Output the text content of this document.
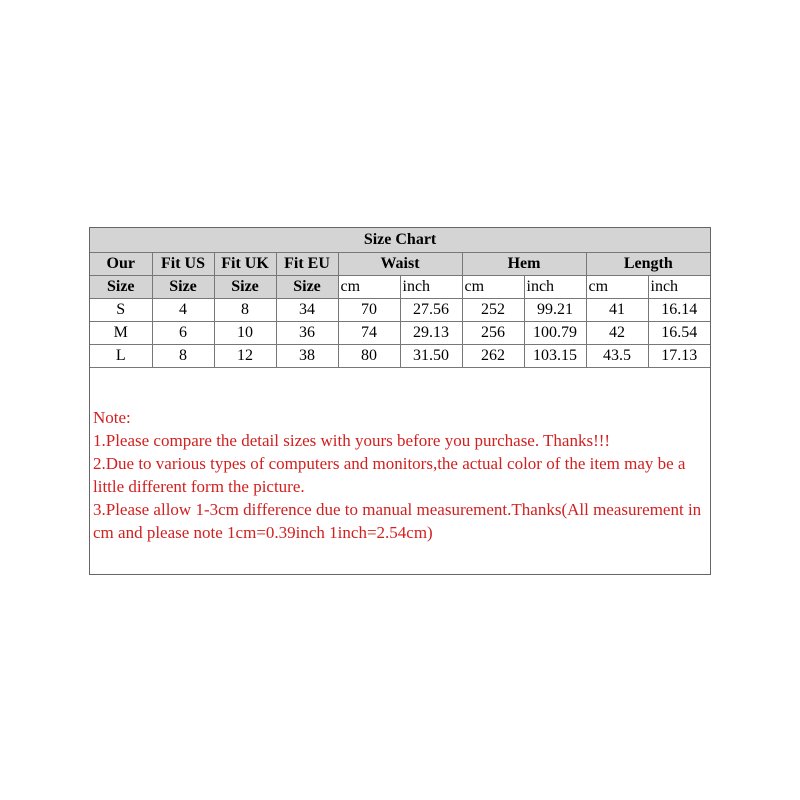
Size Chart									
Our	Fit US	Fit UK	Fit EU	Waist		Hem		Length	
Size	Size	Size	Size	cm	inch	cm	inch	cm	inch
S	4	8	34	70	27.56	252	99.21	41	16.14
M	6	10	36	74	29.13	256	100.79	42	16.54
L	8	12	38	80	31.50	262	103.15	43.5	17.13
Note:
1.Please compare the detail sizes with yours before you purchase. Thanks!!!
2.Due to various types of computers and monitors,the actual color of the item may be a little different form the picture.
3.Please allow 1-3cm difference due to manual measurement.Thanks(All measurement in cm and please note 1cm=0.39inch 1inch=2.54cm)
